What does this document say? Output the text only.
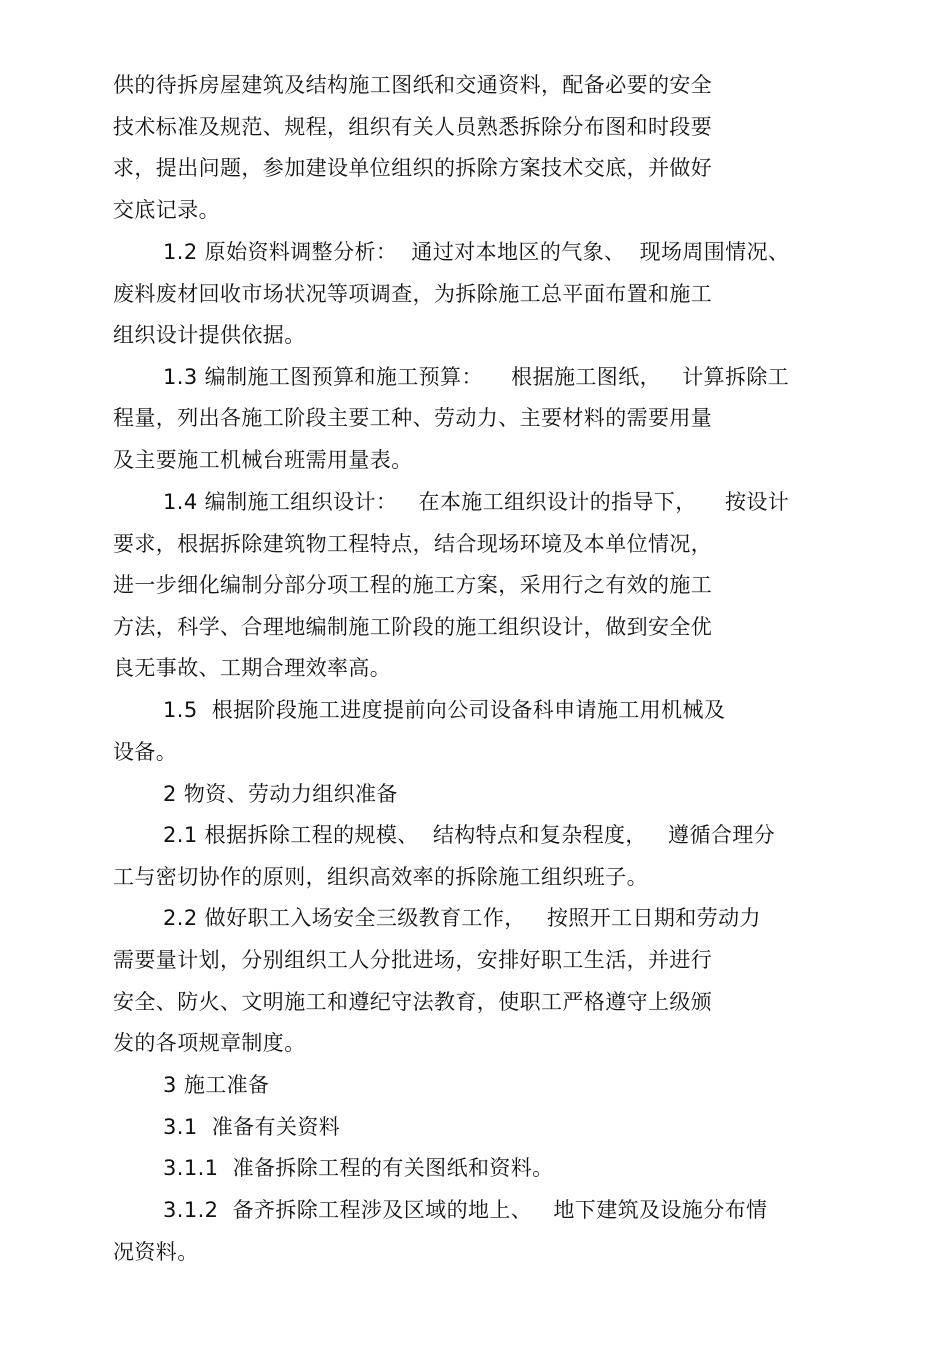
供的待拆房屋建筑及结构施工图纸和交通资料，配备必要的安全
技术标准及规范、规程，组织有关人员熟悉拆除分布图和时段要
求，提出问题，参加建设单位组织的拆除方案技术交底，并做好
交底记录。
1.2 原始资料调整分析：  通过对本地区的气象、  现场周围情况、
废料废材回收市场状况等项调查，为拆除施工总平面布置和施工
组织设计提供依据。
1.3 编制施工图预算和施工预算：    根据施工图纸，   计算拆除工
程量，列出各施工阶段主要工种、劳动力、主要材料的需要用量
及主要施工机械台班需用量表。
1.4 编制施工组织设计：   在本施工组织设计的指导下，    按设计
要求，根据拆除建筑物工程特点，结合现场环境及本单位情况，
进一步细化编制分部分项工程的施工方案，采用行之有效的施工
方法，科学、合理地编制施工阶段的施工组织设计，做到安全优
良无事故、工期合理效率高。
1.5  根据阶段施工进度提前向公司设备科申请施工用机械及
设备。
2 物资、劳动力组织准备
2.1 根据拆除工程的规模、  结构特点和复杂程度，   遵循合理分
工与密切协作的原则，组织高效率的拆除施工组织班子。
2.2 做好职工入场安全三级教育工作，   按照开工日期和劳动力
需要量计划，分别组织工人分批进场，安排好职工生活，并进行
安全、防火、文明施工和遵纪守法教育，使职工严格遵守上级颁
发的各项规章制度。
3 施工准备
3.1  准备有关资料
3.1.1  准备拆除工程的有关图纸和资料。
3.1.2  备齐拆除工程涉及区域的地上、   地下建筑及设施分布情
况资料。
